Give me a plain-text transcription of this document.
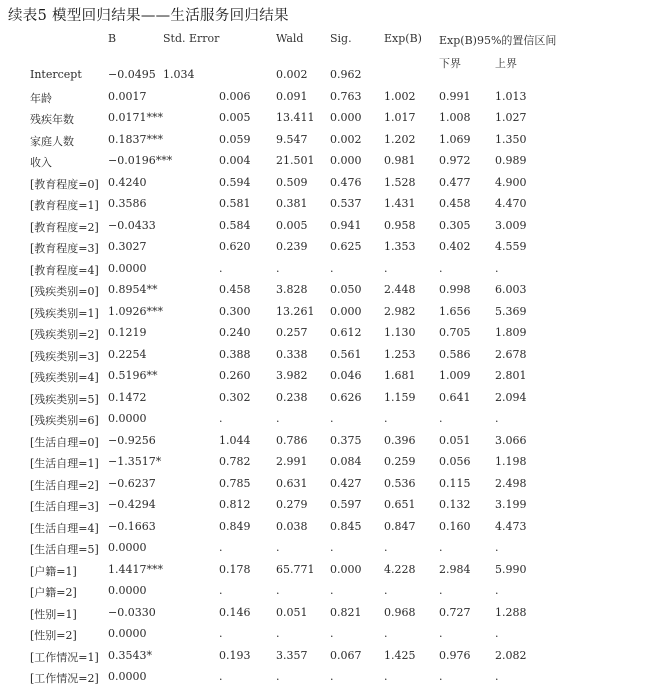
续表5 模型回归结果——生活服务回归结果
B	Std. Error	Wald Sig.	Exp(B) Exp(B)95%的置信区间
下界	上界
Intercept −0.0495 1.034	0.002 0.962
年龄	0.0017	0.006 0.091 0.763 1.002 0.991 1.013
残疾年数	0.0171***	0.005 13.411 0.000 1.017 1.008 1.027
家庭人数	0.1837***	0.059 9.547 0.002 1.202 1.069 1.350
收入	−0.0196***	0.004 21.501 0.000 0.981 0.972 0.989
[教育程度=0] 0.4240	0.594 0.509 0.476 1.528 0.477 4.900
[教育程度=1] 0.3586	0.581 0.381 0.537 1.431 0.458 4.470
[教育程度=2] −0.0433	0.584 0.005 0.941 0.958 0.305 3.009
[教育程度=3] 0.3027	0.620 0.239 0.625 1.353 0.402 4.559
[教育程度=4] 0.0000	.	.	.	.	.	.
[残疾类别=0] 0.8954**	0.458 3.828 0.050 2.448 0.998 6.003
[残疾类别=1] 1.0926***	0.300 13.261 0.000 2.982 1.656 5.369
[残疾类别=2] 0.1219	0.240 0.257 0.612 1.130 0.705 1.809
[残疾类别=3] 0.2254	0.388 0.338 0.561 1.253 0.586 2.678
[残疾类别=4] 0.5196**	0.260 3.982 0.046 1.681 1.009 2.801
[残疾类别=5] 0.1472	0.302 0.238 0.626 1.159 0.641 2.094
[残疾类别=6] 0.0000	.	.	.	.	.	.
[生活自理=0] −0.9256	1.044 0.786 0.375 0.396 0.051 3.066
[生活自理=1] −1.3517*	0.782 2.991 0.084 0.259 0.056 1.198
[生活自理=2] −0.6237	0.785 0.631 0.427 0.536 0.115 2.498
[生活自理=3] −0.4294	0.812 0.279 0.597 0.651 0.132 3.199
[生活自理=4] −0.1663	0.849 0.038 0.845 0.847 0.160 4.473
[生活自理=5] 0.0000	.	.	.	.	.	.
[户籍=1]	1.4417***	0.178 65.771 0.000 4.228 2.984 5.990
[户籍=2]	0.0000	.	.	.	.	.	.
[性别=1]	−0.0330	0.146 0.051 0.821 0.968 0.727 1.288
[性别=2]	0.0000	.	.	.	.	.	.
[工作情况=1] 0.3543*	0.193 3.357 0.067 1.425 0.976 2.082
[工作情况=2] 0.0000	.	.	.	.	.	.
